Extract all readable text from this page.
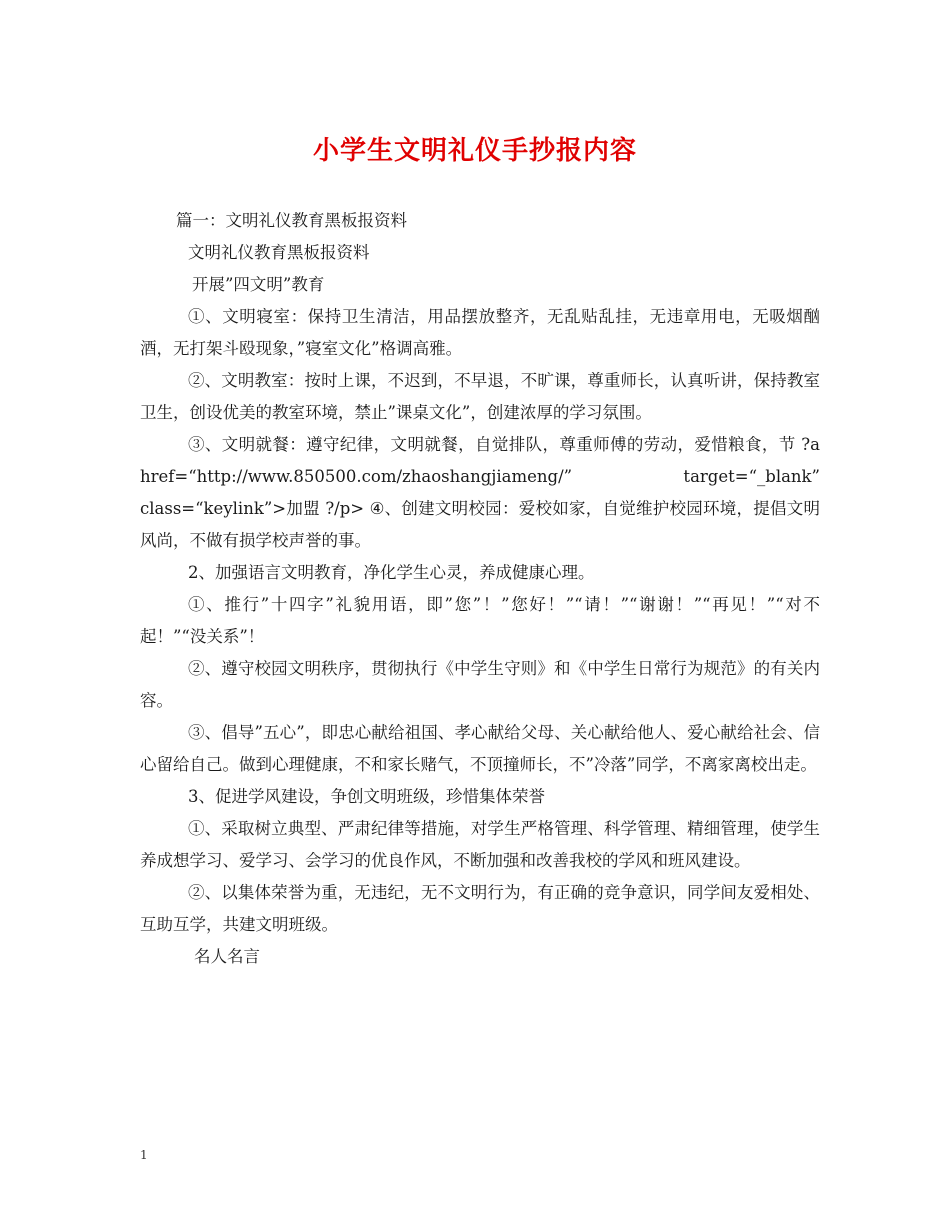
小学生文明礼仪手抄报内容

篇一：文明礼仪教育黑板报资料

文明礼仪教育黑板报资料

开展”四文明”教育

①、文明寝室：保持卫生清洁，用品摆放整齐，无乱贴乱挂，无违章用电，无吸烟酗酒，无打架斗殴现象，”寝室文化”格调高雅。

②、文明教室：按时上课，不迟到，不早退，不旷课，尊重师长，认真听讲，保持教室卫生，创设优美的教室环境，禁止”课桌文化”，创建浓厚的学习氛围。

③、文明就餐：遵守纪律，文明就餐，自觉排队，尊重师傅的劳动，爱惜粮食，节 ?a href=“http://www.850500.com/zhaoshangjiameng/” target=“_blank” class=“keylink”>加盟 ?/p> ④、创建文明校园：爱校如家，自觉维护校园环境，提倡文明风尚，不做有损学校声誉的事。

2、加强语言文明教育，净化学生心灵，养成健康心理。

①、推行”十四字”礼貌用语，即”您”！”您好！”“请！”“谢谢！”“再见！”“对不起！”“没关系”！

②、遵守校园文明秩序，贯彻执行《中学生守则》和《中学生日常行为规范》的有关内容。

③、倡导”五心”，即忠心献给祖国、孝心献给父母、关心献给他人、爱心献给社会、信心留给自己。做到心理健康，不和家长赌气，不顶撞师长，不”冷落”同学，不离家离校出走。

3、促进学风建设，争创文明班级，珍惜集体荣誉

①、采取树立典型、严肃纪律等措施，对学生严格管理、科学管理、精细管理，使学生养成想学习、爱学习、会学习的优良作风，不断加强和改善我校的学风和班风建设。

②、以集体荣誉为重，无违纪，无不文明行为，有正确的竞争意识，同学间友爱相处、互助互学，共建文明班级。

名人名言

1
